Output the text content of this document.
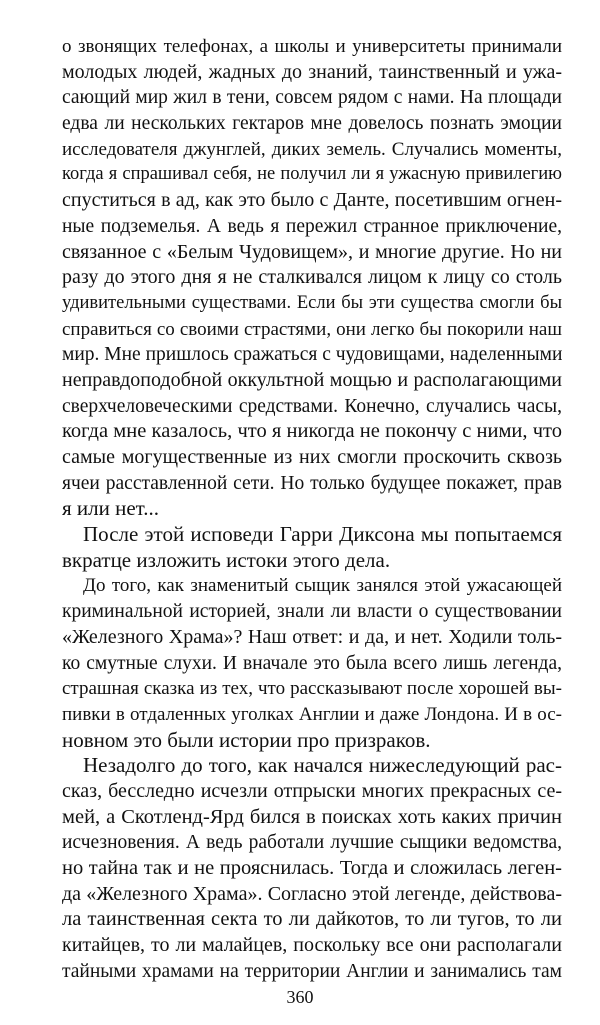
о звонящих телефонах, а школы и университеты принимали
молодых людей, жадных до знаний, таинственный и ужа-
сающий мир жил в тени, совсем рядом с нами. На площади
едва ли нескольких гектаров мне довелось познать эмоции
исследователя джунглей, диких земель. Случались моменты,
когда я спрашивал себя, не получил ли я ужасную привилегию
спуститься в ад, как это было с Данте, посетившим огнен-
ные подземелья. А ведь я пережил странное приключение,
связанное с «Белым Чудовищем», и многие другие. Но ни
разу до этого дня я не сталкивался лицом к лицу со столь
удивительными существами. Если бы эти существа смогли бы
справиться со своими страстями, они легко бы покорили наш
мир. Мне пришлось сражаться с чудовищами, наделенными
неправдоподобной оккультной мощью и располагающими
сверхчеловеческими средствами. Конечно, случались часы,
когда мне казалось, что я никогда не покончу с ними, что
самые могущественные из них смогли проскочить сквозь
ячеи расставленной сети. Но только будущее покажет, прав
я или нет...
После этой исповеди Гарри Диксона мы попытаемся
вкратце изложить истоки этого дела.
До того, как знаменитый сыщик занялся этой ужасающей
криминальной историей, знали ли власти о существовании
«Железного Храма»? Наш ответ: и да, и нет. Ходили толь-
ко смутные слухи. И вначале это была всего лишь легенда,
страшная сказка из тех, что рассказывают после хорошей вы-
пивки в отдаленных уголках Англии и даже Лондона. И в ос-
новном это были истории про призраков.
Незадолго до того, как начался нижеследующий рас-
сказ, бесследно исчезли отпрыски многих прекрасных се-
мей, а Скотленд-Ярд бился в поисках хоть каких причин
исчезновения. А ведь работали лучшие сыщики ведомства,
но тайна так и не прояснилась. Тогда и сложилась леген-
да «Железного Храма». Согласно этой легенде, действова-
ла таинственная секта то ли дайкотов, то ли тугов, то ли
китайцев, то ли малайцев, поскольку все они располагали
тайными храмами на территории Англии и занимались там
360
